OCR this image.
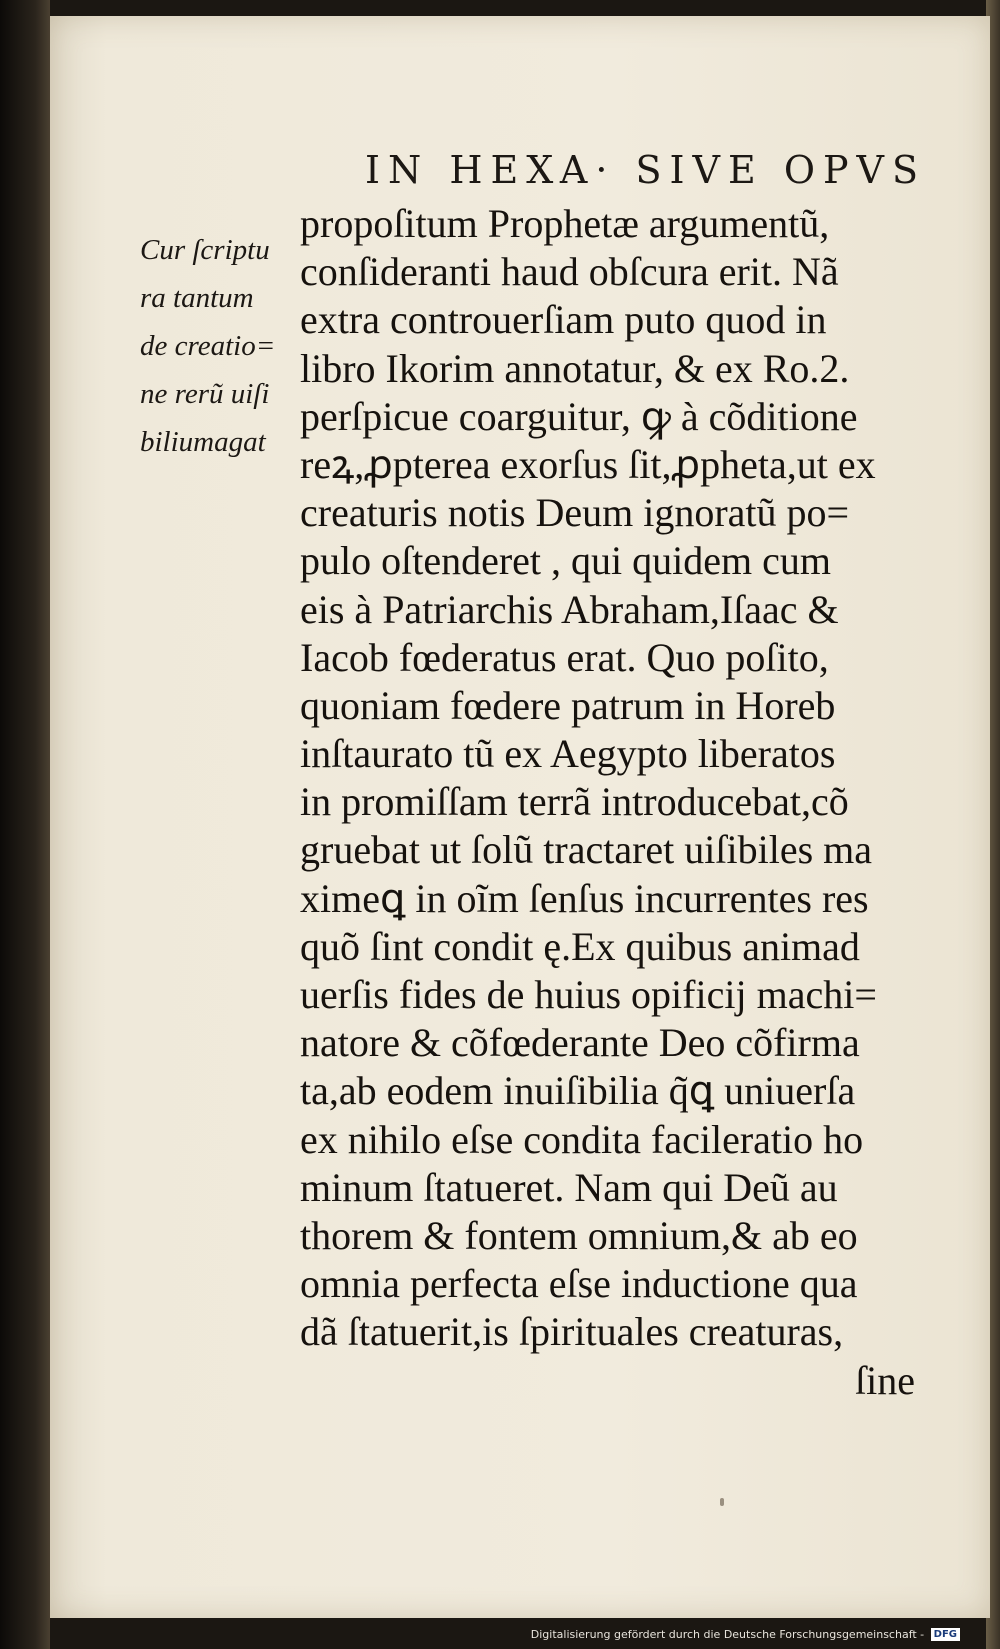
IN HEXA· SIVE OPVS
Cur ſcriptu
ra tantum
de creatio=
ne rerũ uiſi
biliumagat
propoſitum Prophetæ argumentũ,
conſideranti haud obſcura erit. Nã
extra controuerſiam puto quod in
libro Ikorim annotatur, & ex Ro.2.
perſpicue coarguitur, ꝙ à cõditione
reꝝ,ꝓpterea exorſus ſit,ꝓpheta,ut ex
creaturis notis Deum ignoratũ po=
pulo oſtenderet , qui quidem cum
eis à Patriarchis Abraham,Iſaac &
Iacob fœderatus erat. Quo poſito,
quoniam fœdere patrum in Horeb
inſtaurato tũ ex Aegypto liberatos
in promiſſam terrã introducebat,cõ
gruebat ut ſolũ tractaret uiſibiles ma
ximeꝗ in oĩm ſenſus incurrentes res
quõ ſint condit ę.Ex quibus animad
uerſis fides de huius opificij machi=
natore & cõfœderante Deo cõfirma
ta,ab eodem inuiſibilia q̃ꝗ uniuerſa
ex nihilo eſse condita facileratio ho
minum ſtatueret. Nam qui Deũ au
thorem & fontem omnium,& ab eo
omnia perfecta eſse inductione qua
dã ſtatuerit,is ſpirituales creaturas,
ſine
Digitalisierung gefördert durch die Deutsche Forschungsgemeinschaft - DFG
